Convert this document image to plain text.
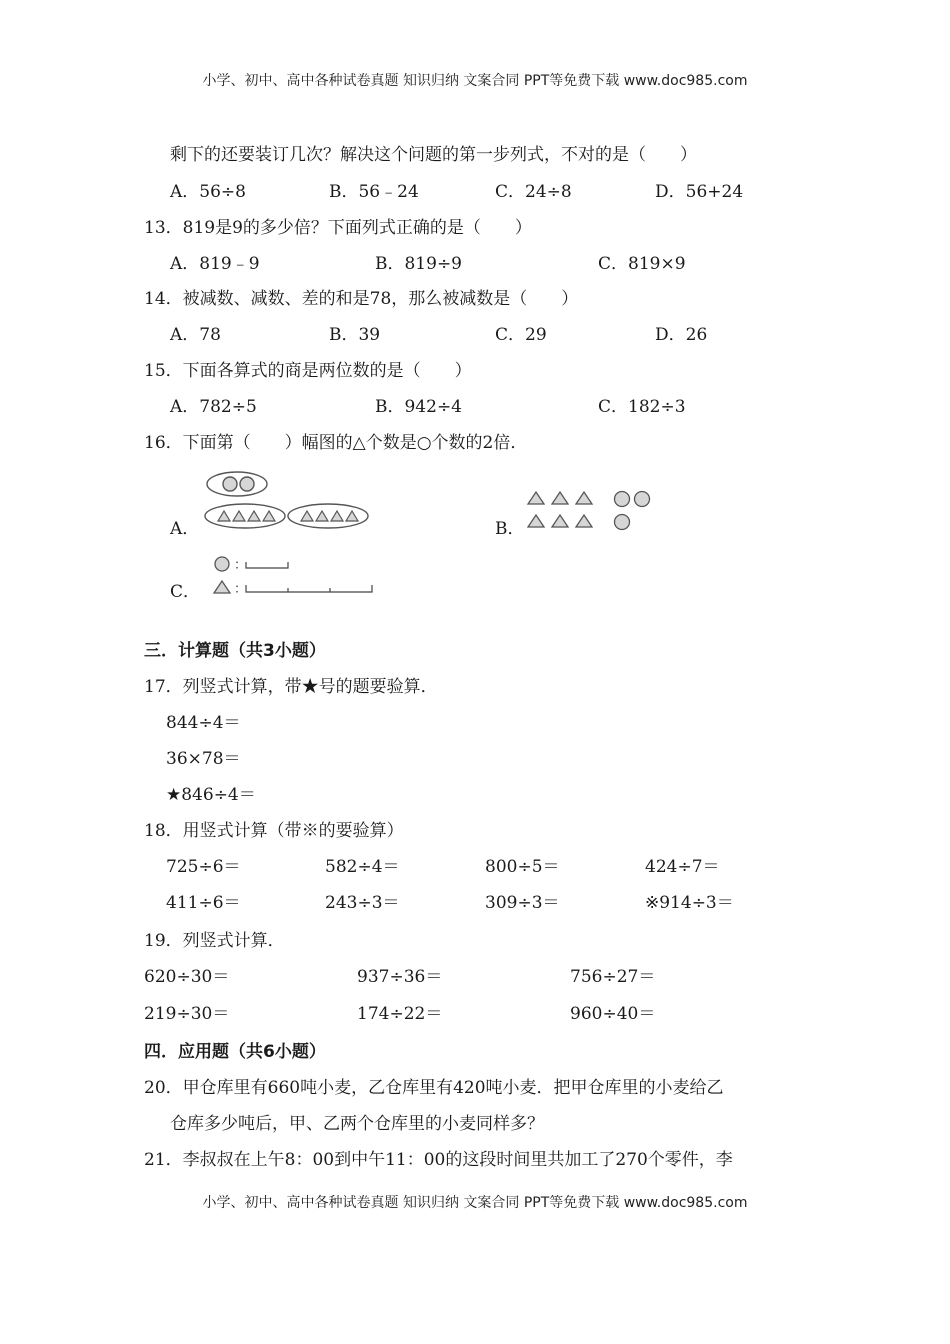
小学、初中、高中各种试卷真题 知识归纳 文案合同 PPT等免费下载 www.doc985.com
剩下的还要装订几次？解决这个问题的第一步列式，不对的是（　　）
A．56÷8	B．56﹣24	C．24÷8	D．56+24
13．819是9的多少倍？下面列式正确的是（　　）
A．819﹣9	B．819÷9	C．819×9
14．被减数、减数、差的和是78，那么被减数是（　　）
A．78	B．39	C．29	D．26
15．下面各算式的商是两位数的是（　　）
A．782÷5	B．942÷4	C．182÷3
16．下面第（　　）幅图的△个数是○个数的2倍．
A．	B．
C．
：
：
三．计算题（共3小题）
17．列竖式计算，带★号的题要验算．
844÷4＝
36×78＝
★846÷4＝
18．用竖式计算（带※的要验算）
725÷6＝	582÷4＝	800÷5＝	424÷7＝
411÷6＝	243÷3＝	309÷3＝	※914÷3＝
19．列竖式计算．
620÷30＝	937÷36＝	756÷27＝
219÷30＝	174÷22＝	960÷40＝
四．应用题（共6小题）
20．甲仓库里有660吨小麦，乙仓库里有420吨小麦．把甲仓库里的小麦给乙
仓库多少吨后，甲、乙两个仓库里的小麦同样多？
21．李叔叔在上午8：00到中午11：00的这段时间里共加工了270个零件，李
小学、初中、高中各种试卷真题 知识归纳 文案合同 PPT等免费下载 www.doc985.com
